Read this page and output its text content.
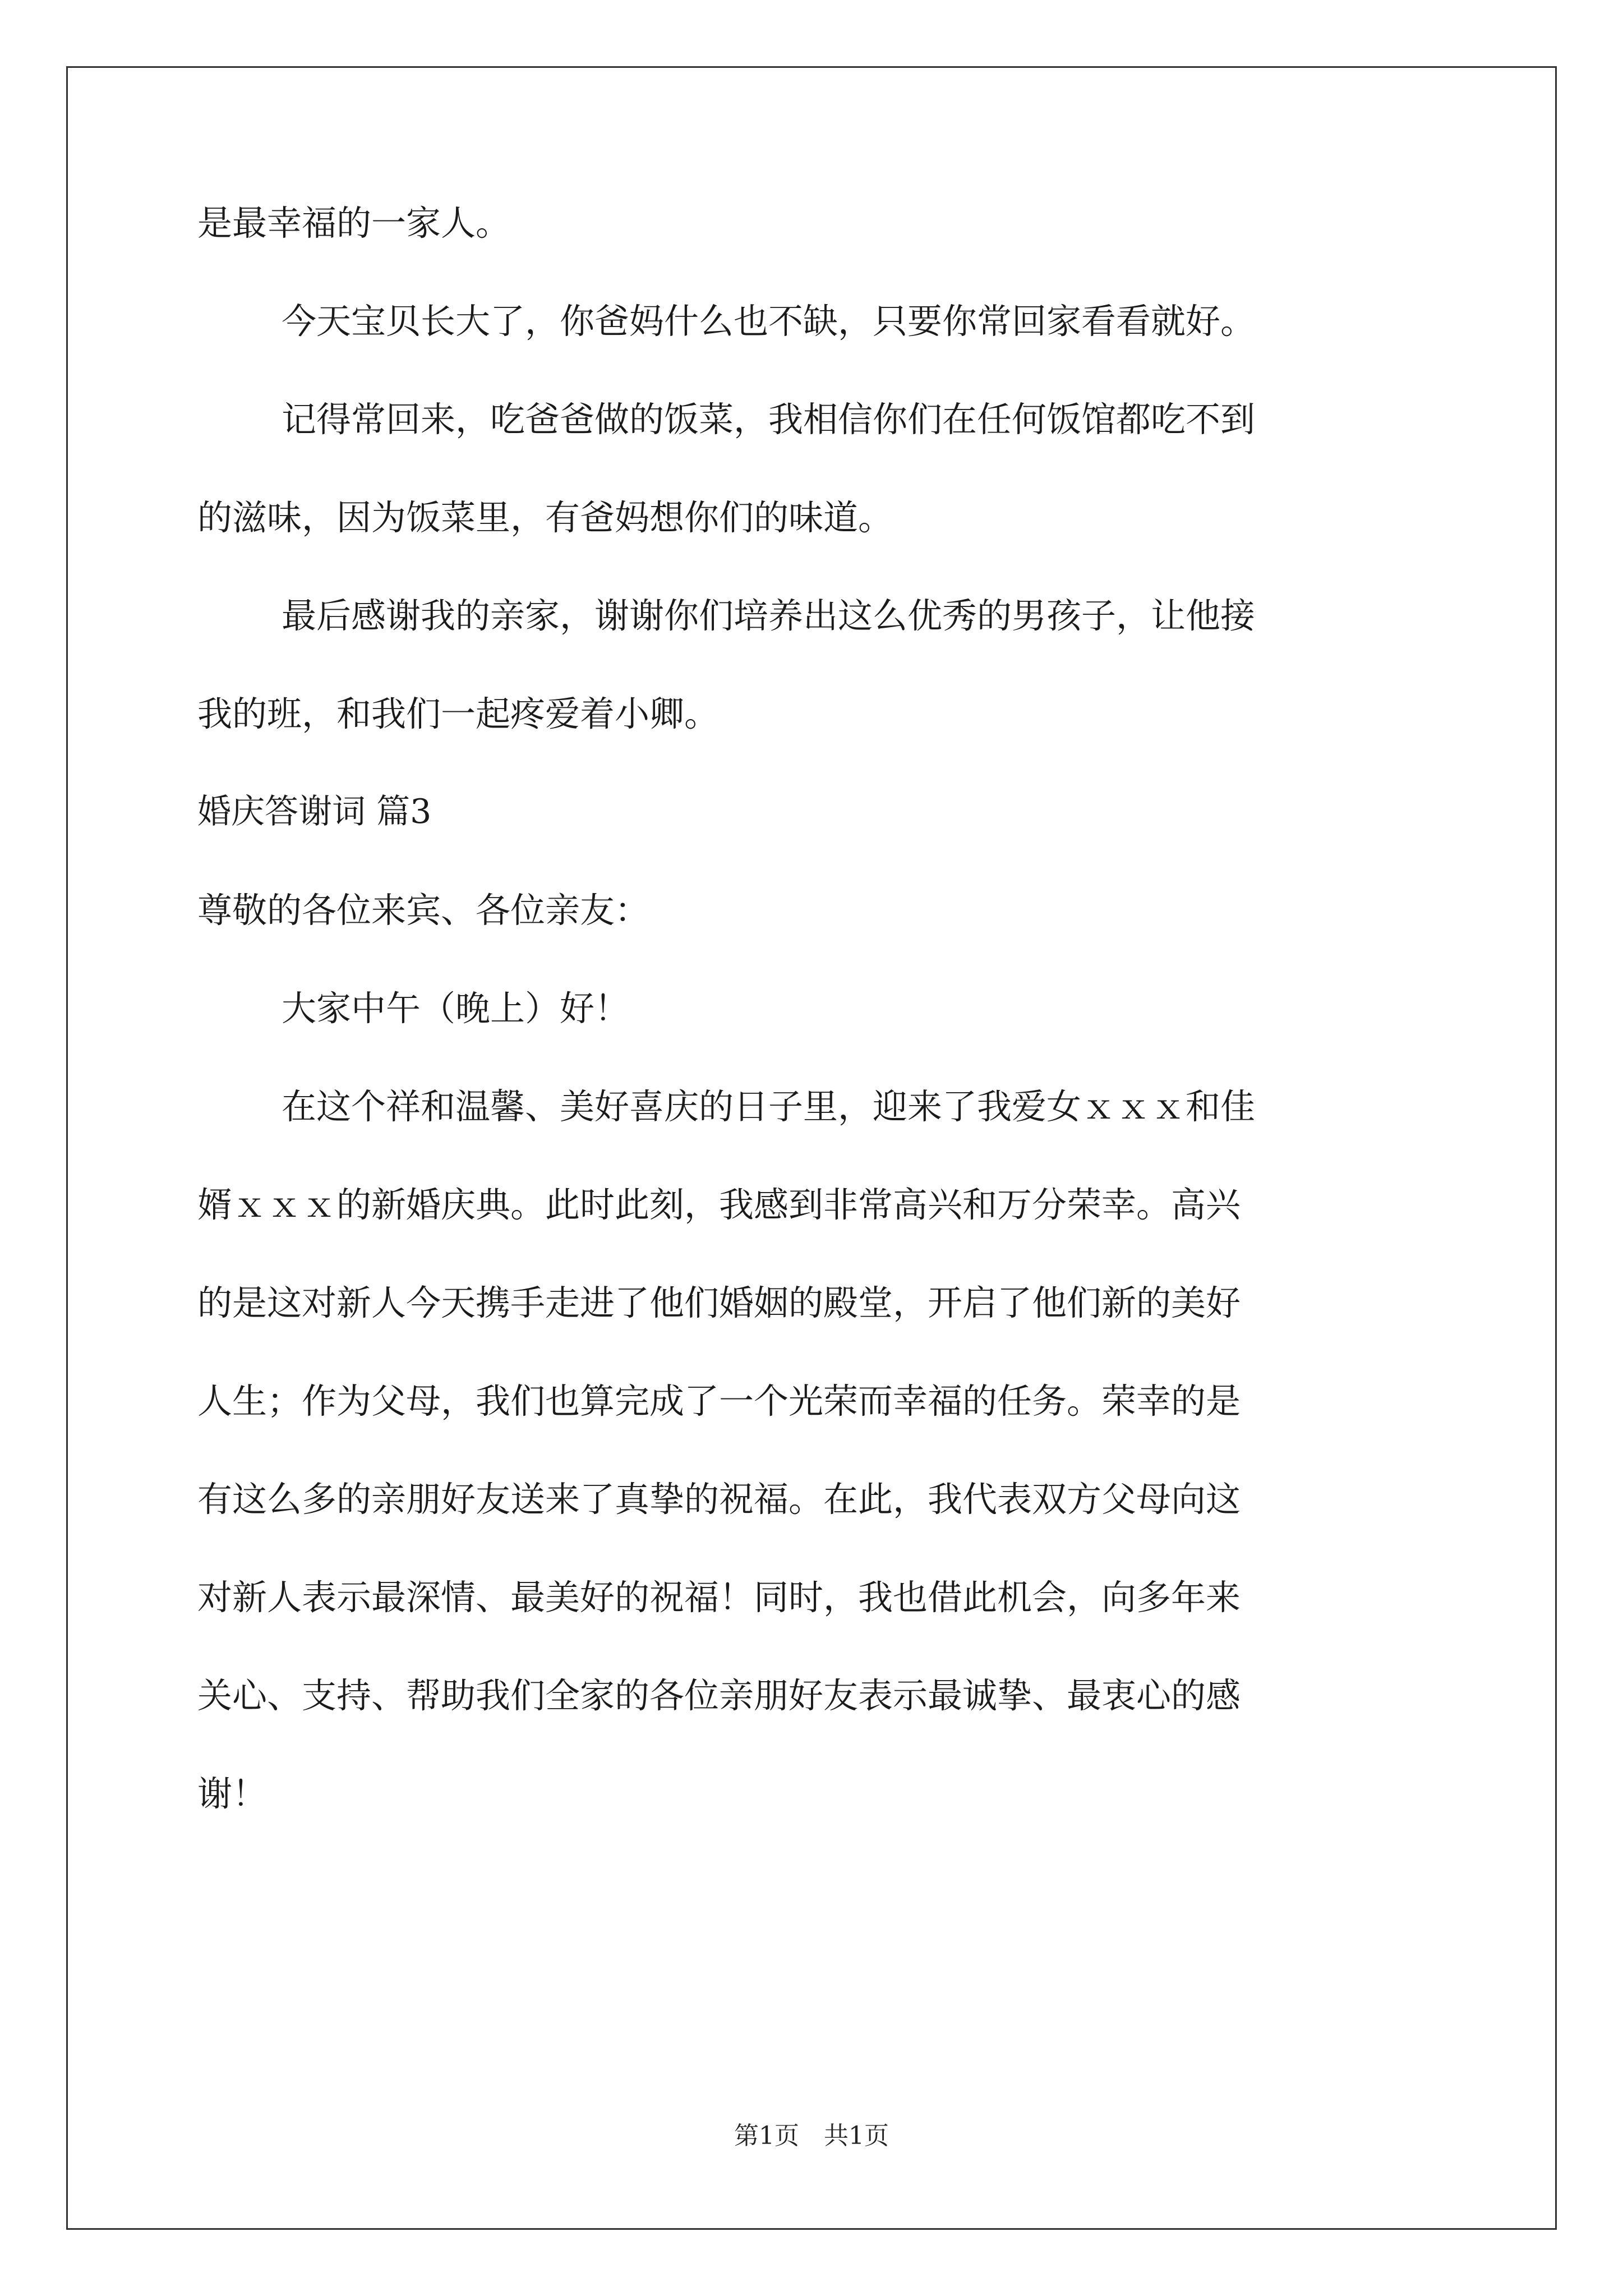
是最幸福的一家人。
今天宝贝长大了，你爸妈什么也不缺，只要你常回家看看就好。
记得常回来，吃爸爸做的饭菜，我相信你们在任何饭馆都吃不到
的滋味，因为饭菜里，有爸妈想你们的味道。
最后感谢我的亲家，谢谢你们培养出这么优秀的男孩子，让他接
我的班，和我们一起疼爱着小卿。
婚庆答谢词 篇3
尊敬的各位来宾、各位亲友：
大家中午（晚上）好！
在这个祥和温馨、美好喜庆的日子里，迎来了我爱女ｘｘｘ和佳
婿ｘｘｘ的新婚庆典。此时此刻，我感到非常高兴和万分荣幸。高兴
的是这对新人今天携手走进了他们婚姻的殿堂，开启了他们新的美好
人生；作为父母，我们也算完成了一个光荣而幸福的任务。荣幸的是
有这么多的亲朋好友送来了真挚的祝福。在此，我代表双方父母向这
对新人表示最深情、最美好的祝福！同时，我也借此机会，向多年来
关心、支持、帮助我们全家的各位亲朋好友表示最诚挚、最衷心的感
谢！
第1页　共1页
